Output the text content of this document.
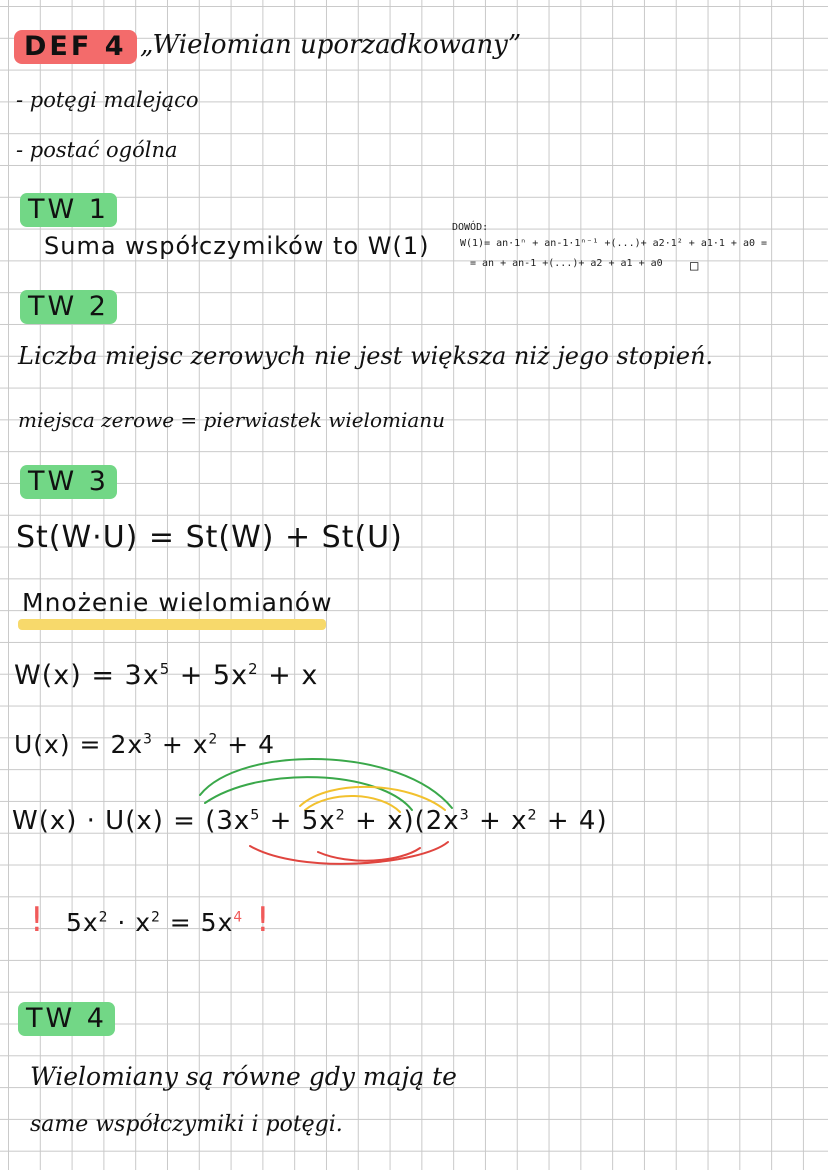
DEF 4 „Wielomian uporzadkowany”
- potęgi malejąco
- postać ogólna
TW 1
Suma współczymików to W(1)
DOWÓD:
W(1)= an·1ⁿ + an-1·1ⁿ⁻¹ +(...)+ a2·1² + a1·1 + a0 =
= an + an-1 +(...)+ a2 + a1 + a0 □
TW 2
Liczba miejsc zerowych nie jest większa niż jego stopień.
miejsca zerowe = pierwiastek wielomianu
TW 3
St(W·U) = St(W) + St(U)
Mnożenie wielomianów
$W(x) = 3x^5 + 5x^2 + x$
$U(x) = 2x^3 + x^2 + 4$
$W(x) \cdot U(x) = (3x^5 + 5x^2 + x)(2x^3 + x^2 + 4)$
! $5x^2 \cdot x^2 = 5x^4$ !
TW 4
Wielomiany są równe gdy mają te
same współczymiki i potęgi.
